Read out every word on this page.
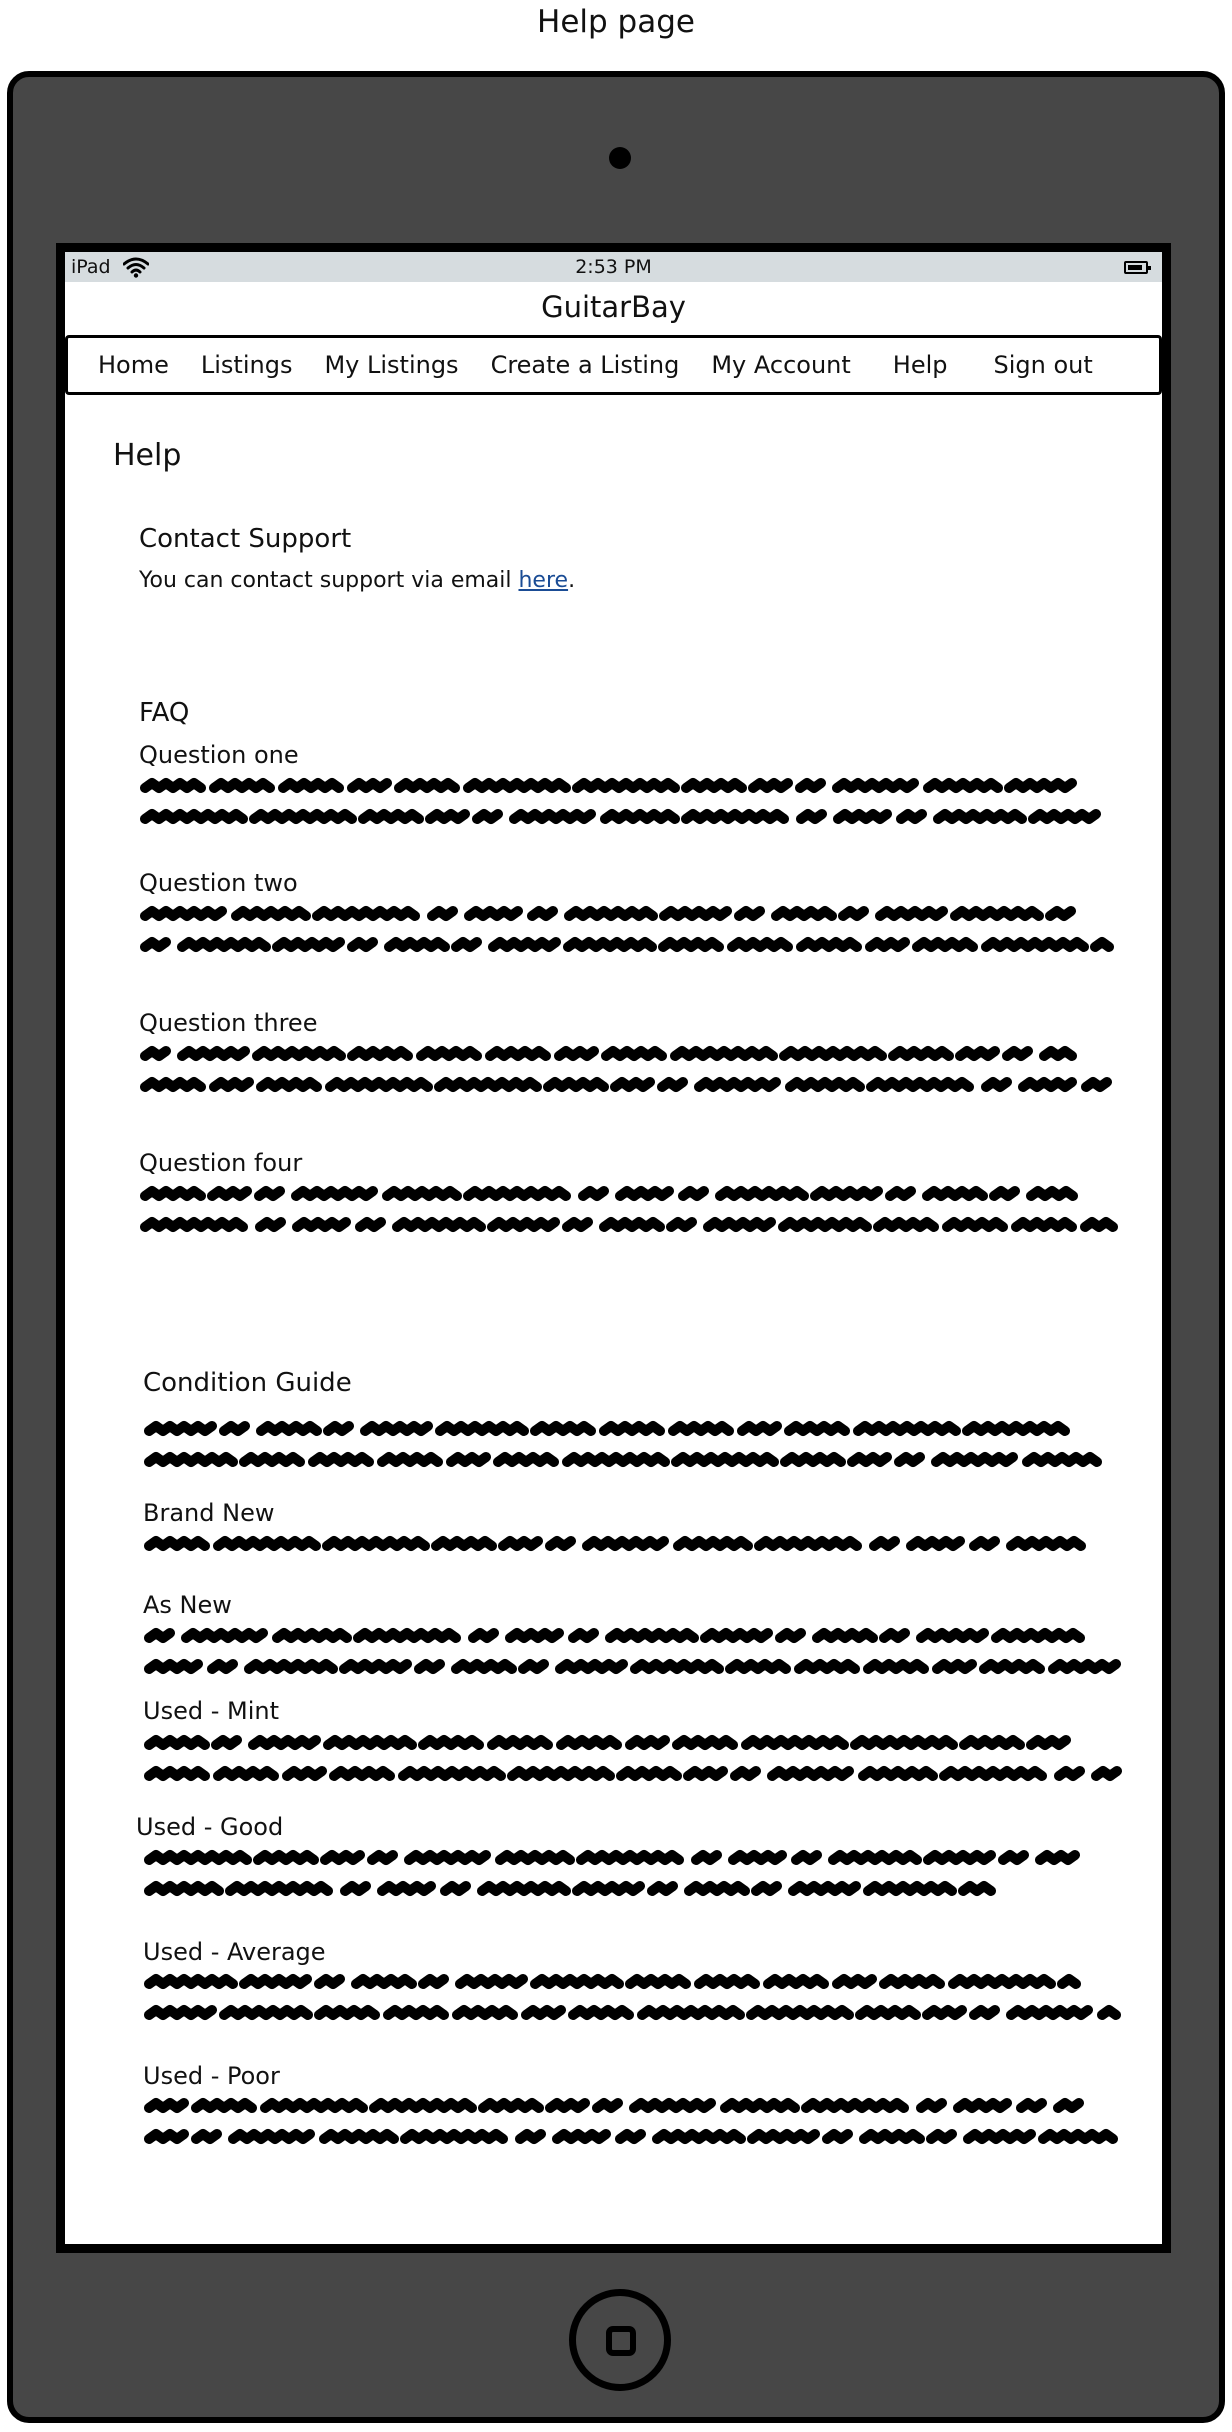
Help page
iPad	2:53 PM
GuitarBay
Home	Listings	My Listings	Create a Listing	My Account	Help	Sign out
Help
Contact Support
You can contact support via email here.
FAQ
Question one
Question two
Question three
Question four
Condition Guide
Brand New
As New
Used - Mint
Used - Good
Used - Average
Used - Poor
